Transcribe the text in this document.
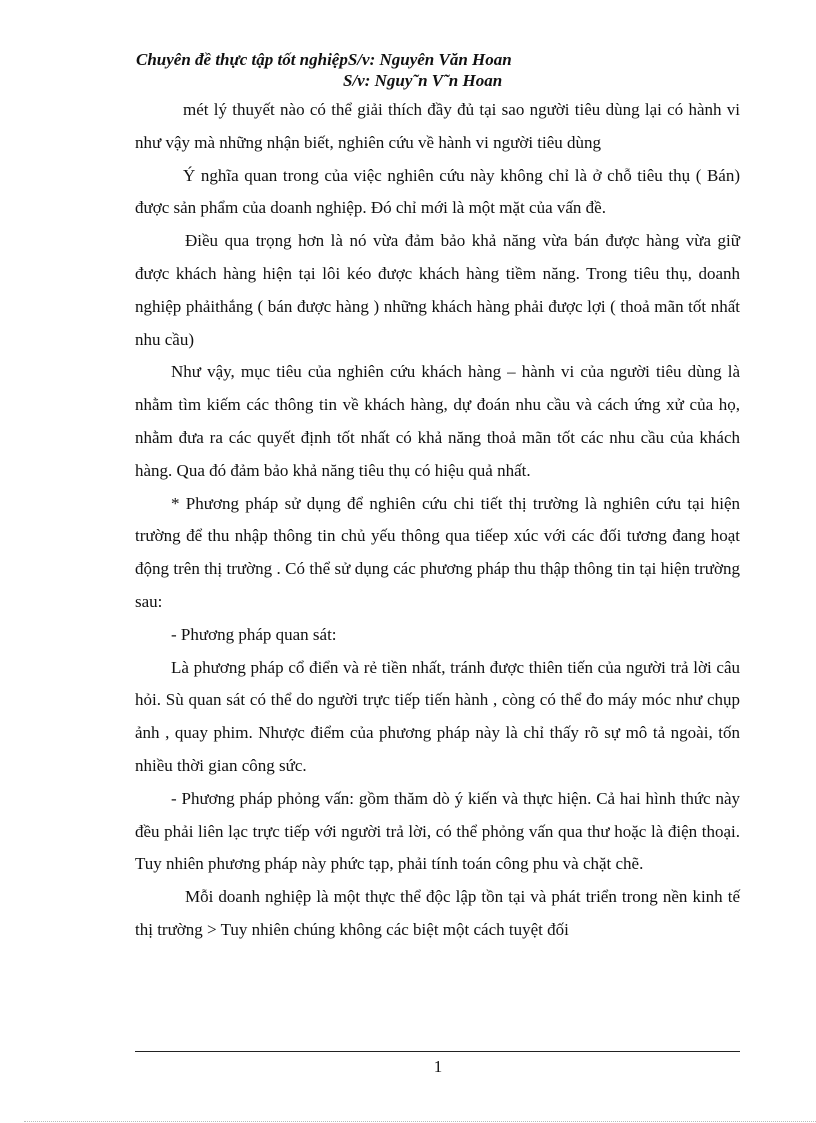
Chuyên đề thực tập tốt nghiệpS/v: Nguyên Văn Hoan
S/v: Nguy˜n V˜n Hoan

mét lý thuyết nào có thể giải thích đầy đủ tại sao người tiêu dùng lại có hành vi như vậy mà những nhận biết, nghiên cứu về hành vi người tiêu dùng

Ý nghĩa quan trong của việc nghiên cứu này không chỉ là ở chỗ tiêu thụ ( Bán) được sản phẩm của doanh nghiệp. Đó chỉ mới là một mặt của vấn đề.

Điều qua trọng hơn là nó vừa đảm bảo khả năng vừa bán được hàng vừa giữ được khách hàng hiện tại lôi kéo được khách hàng tiềm năng. Trong tiêu thụ, doanh nghiệp phảithắng ( bán được hàng ) những khách hàng phải được lợi ( thoả mãn tốt nhất nhu cầu)

Như vậy, mục tiêu của nghiên cứu khách hàng – hành vi của người tiêu dùng là nhằm tìm kiếm các thông tin về khách hàng, dự đoán nhu cầu và cách ứng xử của họ, nhằm đưa ra các quyết định tốt nhất có khả năng thoả mãn tốt các nhu cầu của khách hàng. Qua đó đảm bảo khả năng tiêu thụ có hiệu quả nhất.

* Phương pháp sử dụng để nghiên cứu chi tiết thị trường là nghiên cứu tại hiện trường để thu nhập thông tin chủ yếu thông qua tiếep xúc với các đối tương đang hoạt động trên thị trường . Có thể sử dụng các phương pháp thu thập thông tin tại hiện trường sau:

- Phương pháp quan sát:

Là phương pháp cổ điển và rẻ tiền nhất, tránh được thiên tiến của người trả lời câu hỏi. Sù quan sát có thể do người trực tiếp tiến hành , còng có thể đo máy móc như chụp ảnh , quay phim. Nhược điểm của phương pháp này là chỉ thấy rõ sự mô tả ngoài, tốn nhiều thời gian công sức.

- Phương pháp phỏng vấn: gồm thăm dò ý kiến và thực hiện. Cả hai hình thức này đều phải liên lạc trực tiếp với người trả lời, có thể phỏng vấn qua thư hoặc là điện thoại. Tuy nhiên phương pháp này phức tạp, phải tính toán công phu và chặt chẽ.

Mỗi doanh nghiệp là một thực thể độc lập tồn tại và phát triển trong nền kinh tế thị trường > Tuy nhiên chúng không các biệt một cách tuyệt đối

1
